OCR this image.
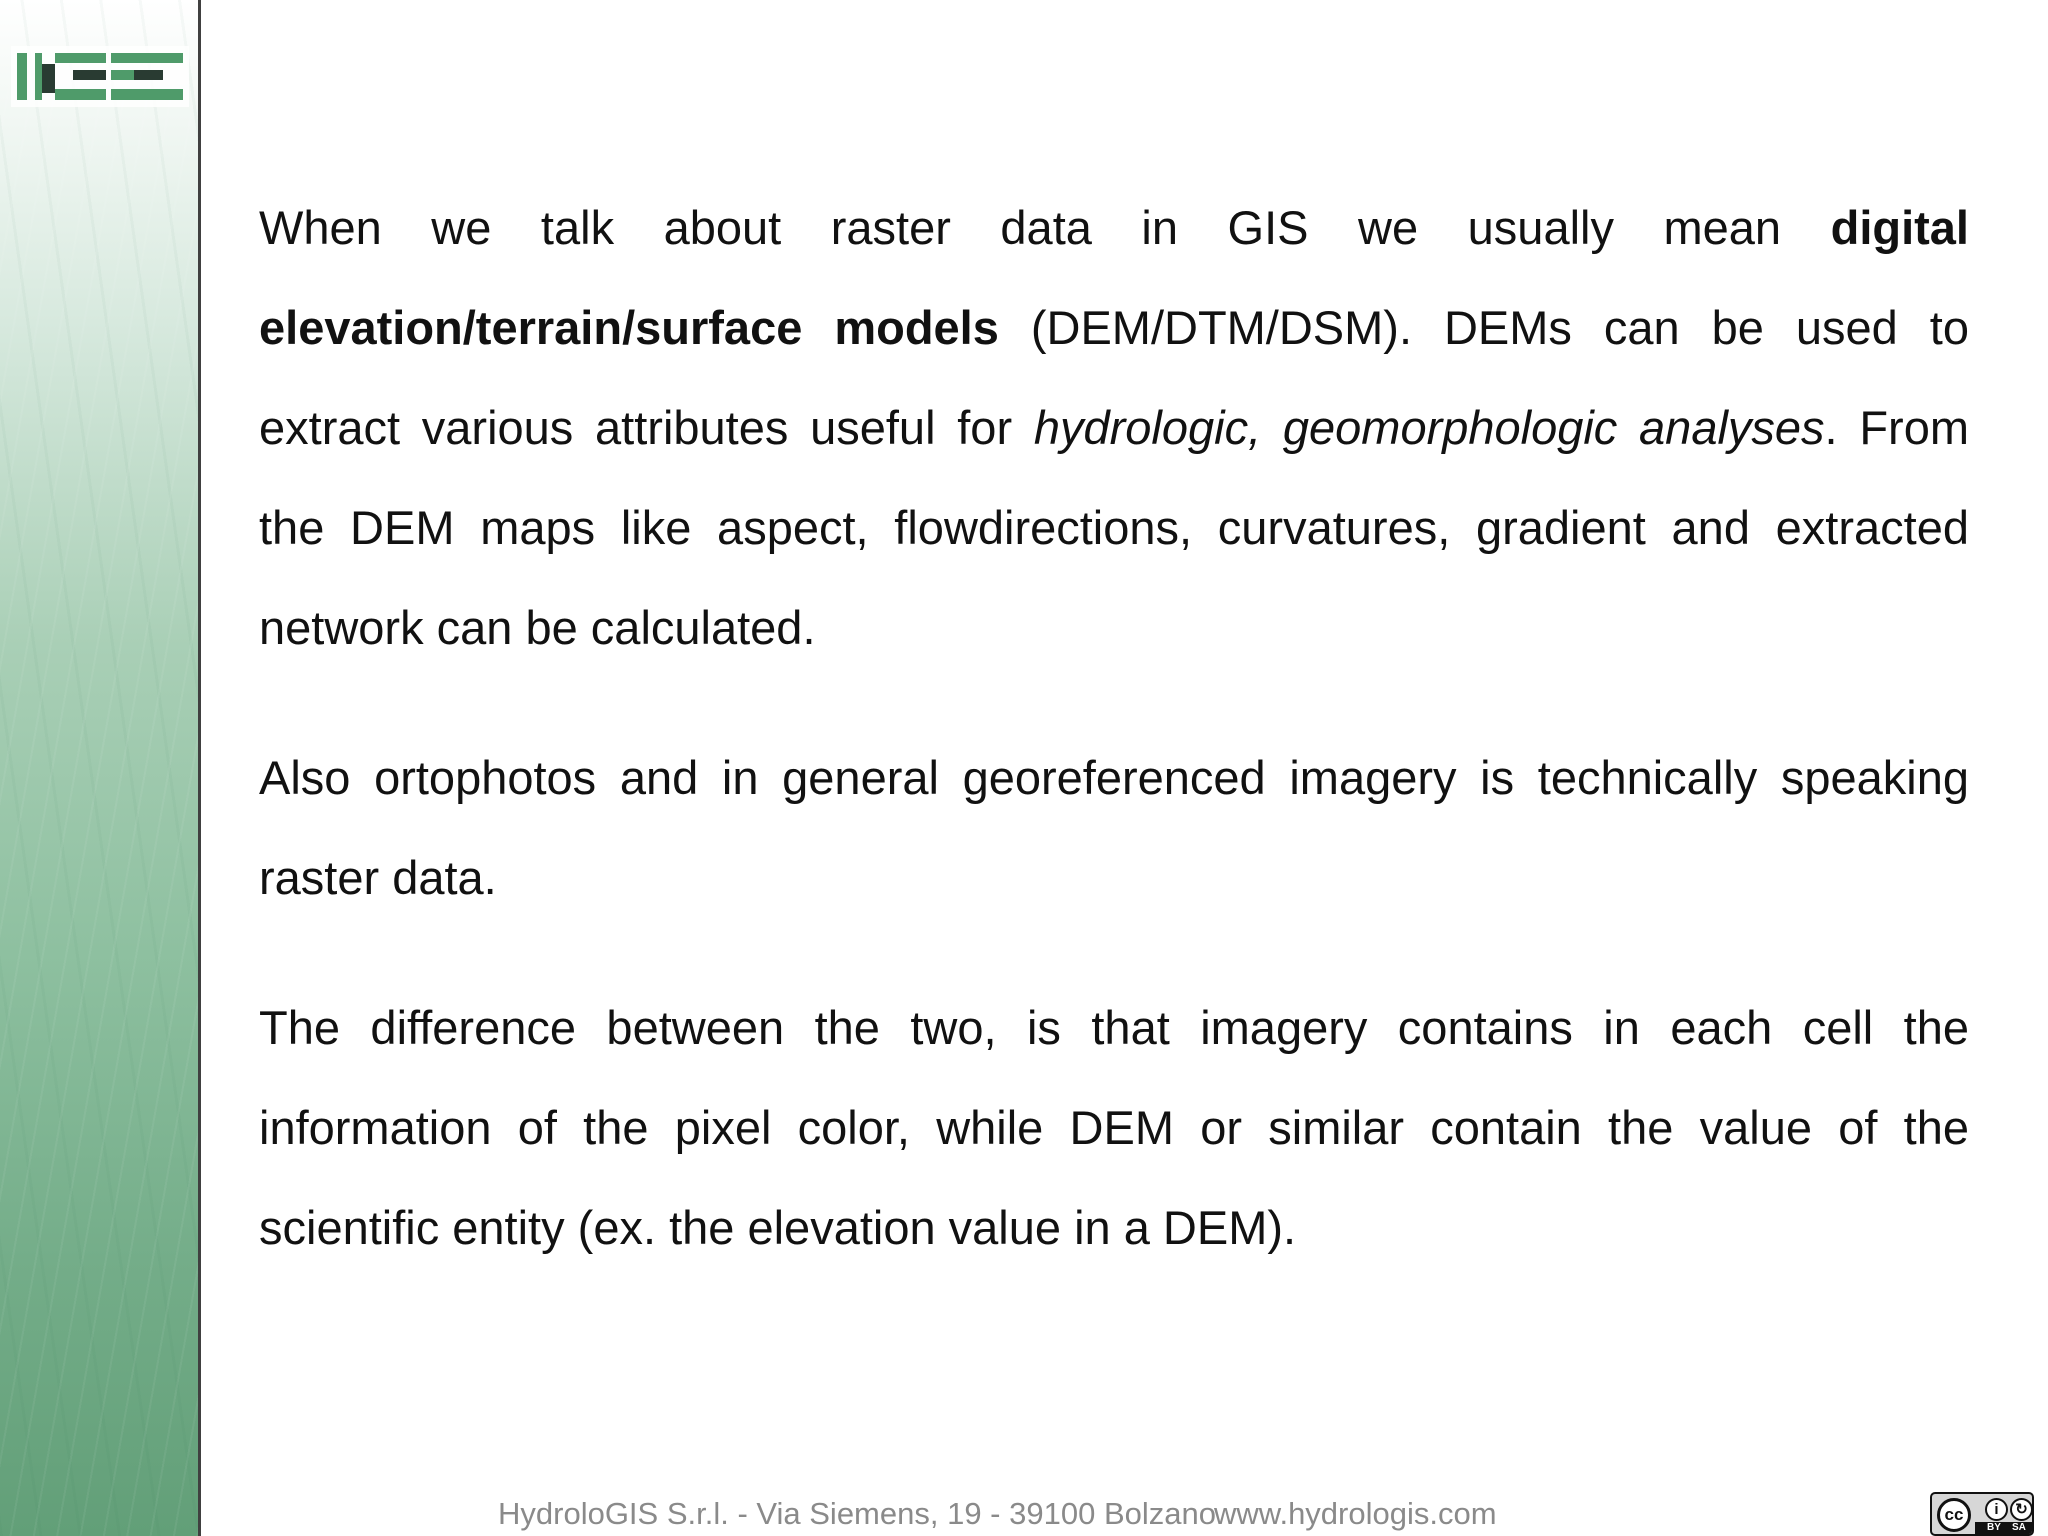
When we talk about raster data in GIS we usually mean digital elevation/terrain/surface models (DEM/DTM/DSM). DEMs can be used to extract various attributes useful for hydrologic, geomorphologic analyses. From the DEM maps like aspect, flowdirections, curvatures, gradient and extracted network can be calculated.

Also ortophotos and in general georeferenced imagery is technically speaking raster data.

The difference between the two, is that imagery contains in each cell the information of the pixel color, while DEM or similar contain the value of the scientific entity (ex. the elevation value in a DEM).

HydroloGIS S.r.l. - Via Siemens, 19 - 39100 Bolzanowww.hydrologis.com	cc	i	↻
BY SA
